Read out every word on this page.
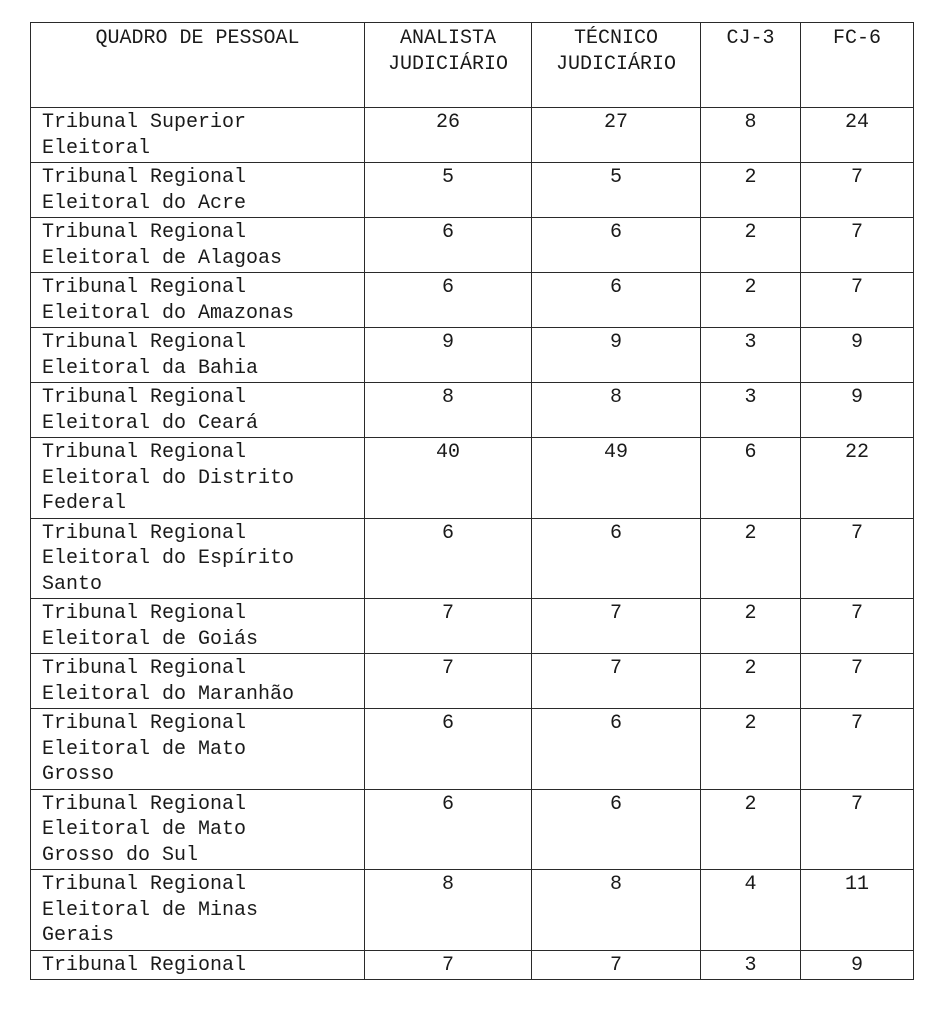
QUADRO DE PESSOAL	ANALISTA
JUDICIÁRIO	TÉCNICO
JUDICIÁRIO	CJ-3	FC-6
Tribunal Superior
Eleitoral	26	27	8	24
Tribunal Regional
Eleitoral do Acre	5	5	2	7
Tribunal Regional
Eleitoral de Alagoas	6	6	2	7
Tribunal Regional
Eleitoral do Amazonas	6	6	2	7
Tribunal Regional
Eleitoral da Bahia	9	9	3	9
Tribunal Regional
Eleitoral do Ceará	8	8	3	9
Tribunal Regional
Eleitoral do Distrito
Federal	40	49	6	22
Tribunal Regional
Eleitoral do Espírito
Santo	6	6	2	7
Tribunal Regional
Eleitoral de Goiás	7	7	2	7
Tribunal Regional
Eleitoral do Maranhão	7	7	2	7
Tribunal Regional
Eleitoral de Mato
Grosso	6	6	2	7
Tribunal Regional
Eleitoral de Mato
Grosso do Sul	6	6	2	7
Tribunal Regional
Eleitoral de Minas
Gerais	8	8	4	11
Tribunal Regional	7	7	3	9
